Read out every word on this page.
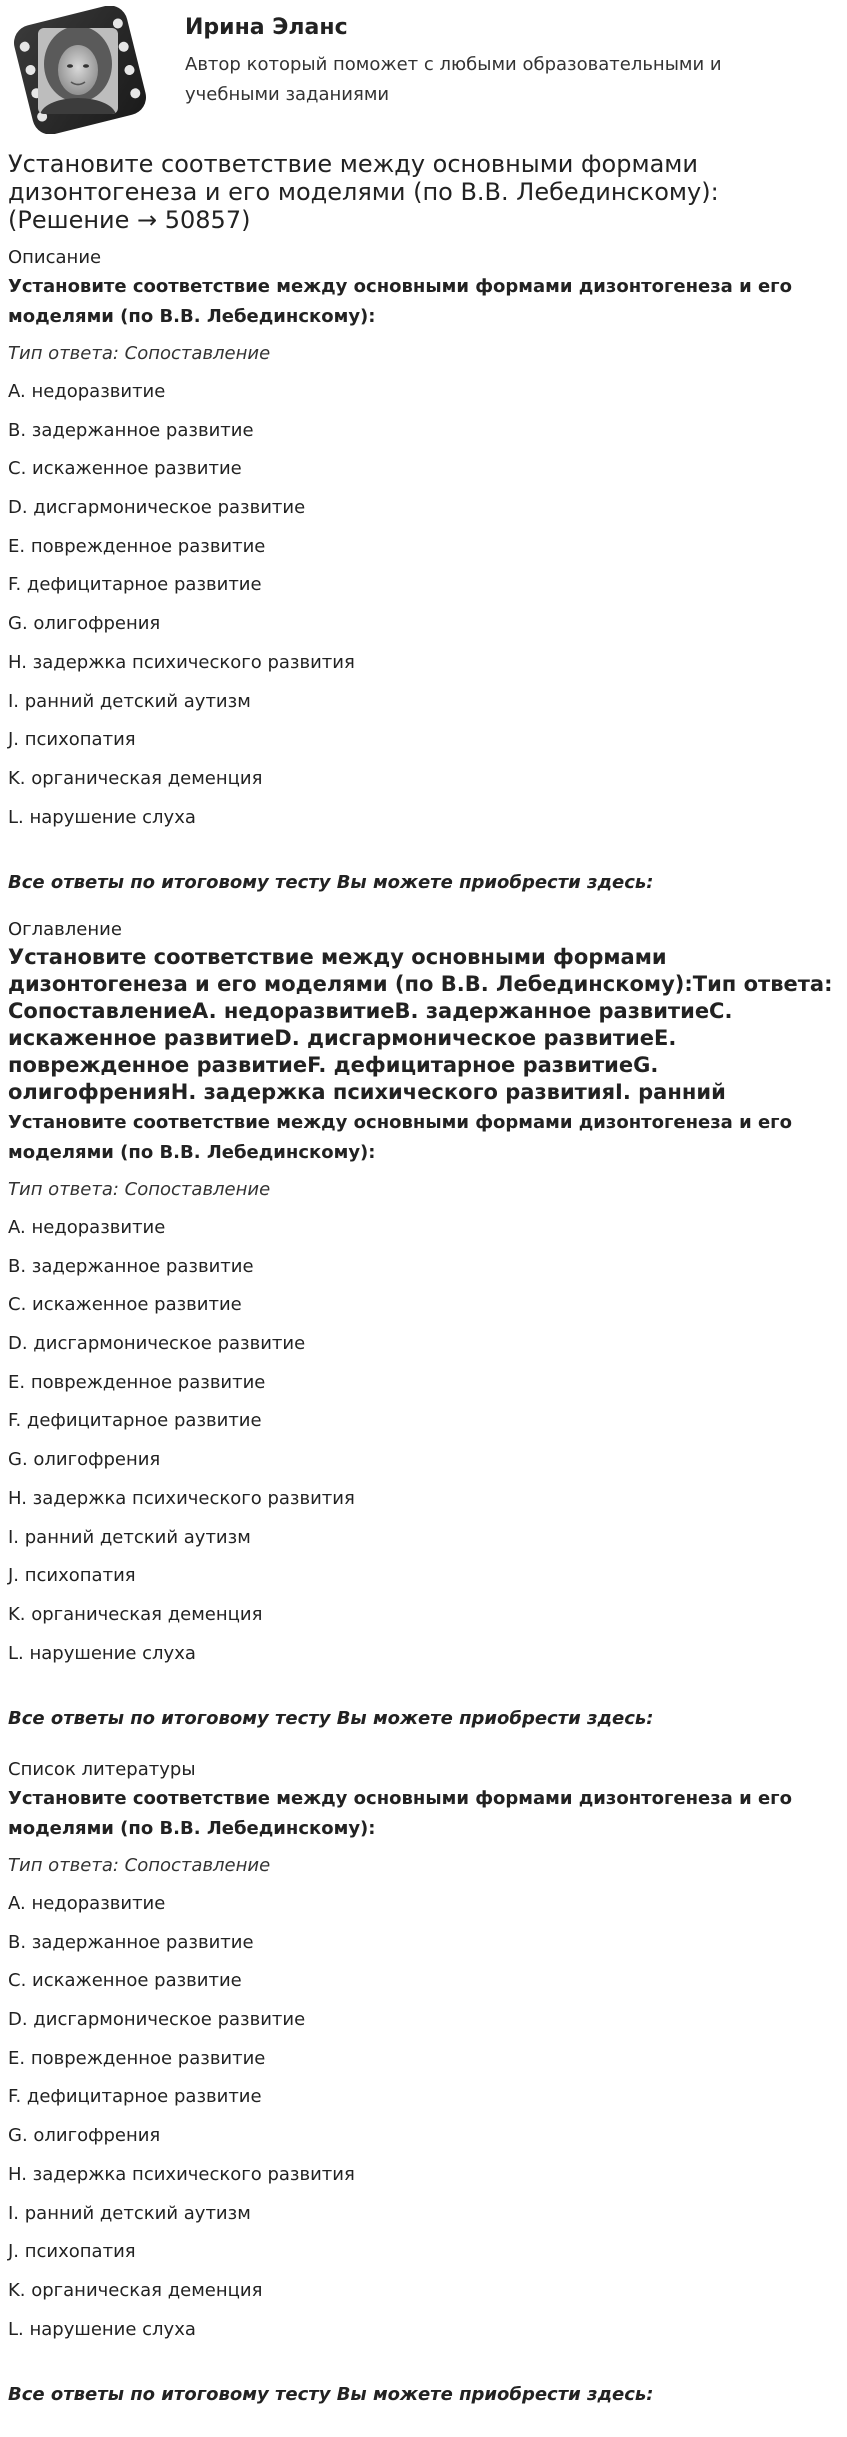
Ирина Эланс
Автор который поможет с любыми образовательными и учебными заданиями
Установите соответствие между основными формами дизонтогенеза и его моделями (по В.В. Лебединскому): (Решение → 50857)
Описание
Установите соответствие между основными формами дизонтогенеза и его моделями (по В.В. Лебединскому):
Тип ответа: Сопоставление
A. недоразвитие
B. задержанное развитие
C. искаженное развитие
D. дисгармоническое развитие
E. поврежденное развитие
F. дефицитарное развитие
G. олигофрения
H. задержка психического развития
I. ранний детский аутизм
J. психопатия
K. органическая деменция
L. нарушение слуха
Все ответы по итоговому тесту Вы можете приобрести здесь:
Оглавление
Установите соответствие между основными формами дизонтогенеза и его моделями (по В.В. Лебединскому):Тип ответа: СопоставлениеA. недоразвитиеB. задержанное развитиеC. искаженное развитиеD. дисгармоническое развитиеE. поврежденное развитиеF. дефицитарное развитиеG. олигофренияH. задержка психического развитияI. ранний
Установите соответствие между основными формами дизонтогенеза и его моделями (по В.В. Лебединскому):
Тип ответа: Сопоставление
A. недоразвитие
B. задержанное развитие
C. искаженное развитие
D. дисгармоническое развитие
E. поврежденное развитие
F. дефицитарное развитие
G. олигофрения
H. задержка психического развития
I. ранний детский аутизм
J. психопатия
K. органическая деменция
L. нарушение слуха
Все ответы по итоговому тесту Вы можете приобрести здесь:
Список литературы
Установите соответствие между основными формами дизонтогенеза и его моделями (по В.В. Лебединскому):
Тип ответа: Сопоставление
A. недоразвитие
B. задержанное развитие
C. искаженное развитие
D. дисгармоническое развитие
E. поврежденное развитие
F. дефицитарное развитие
G. олигофрения
H. задержка психического развития
I. ранний детский аутизм
J. психопатия
K. органическая деменция
L. нарушение слуха
Все ответы по итоговому тесту Вы можете приобрести здесь:
